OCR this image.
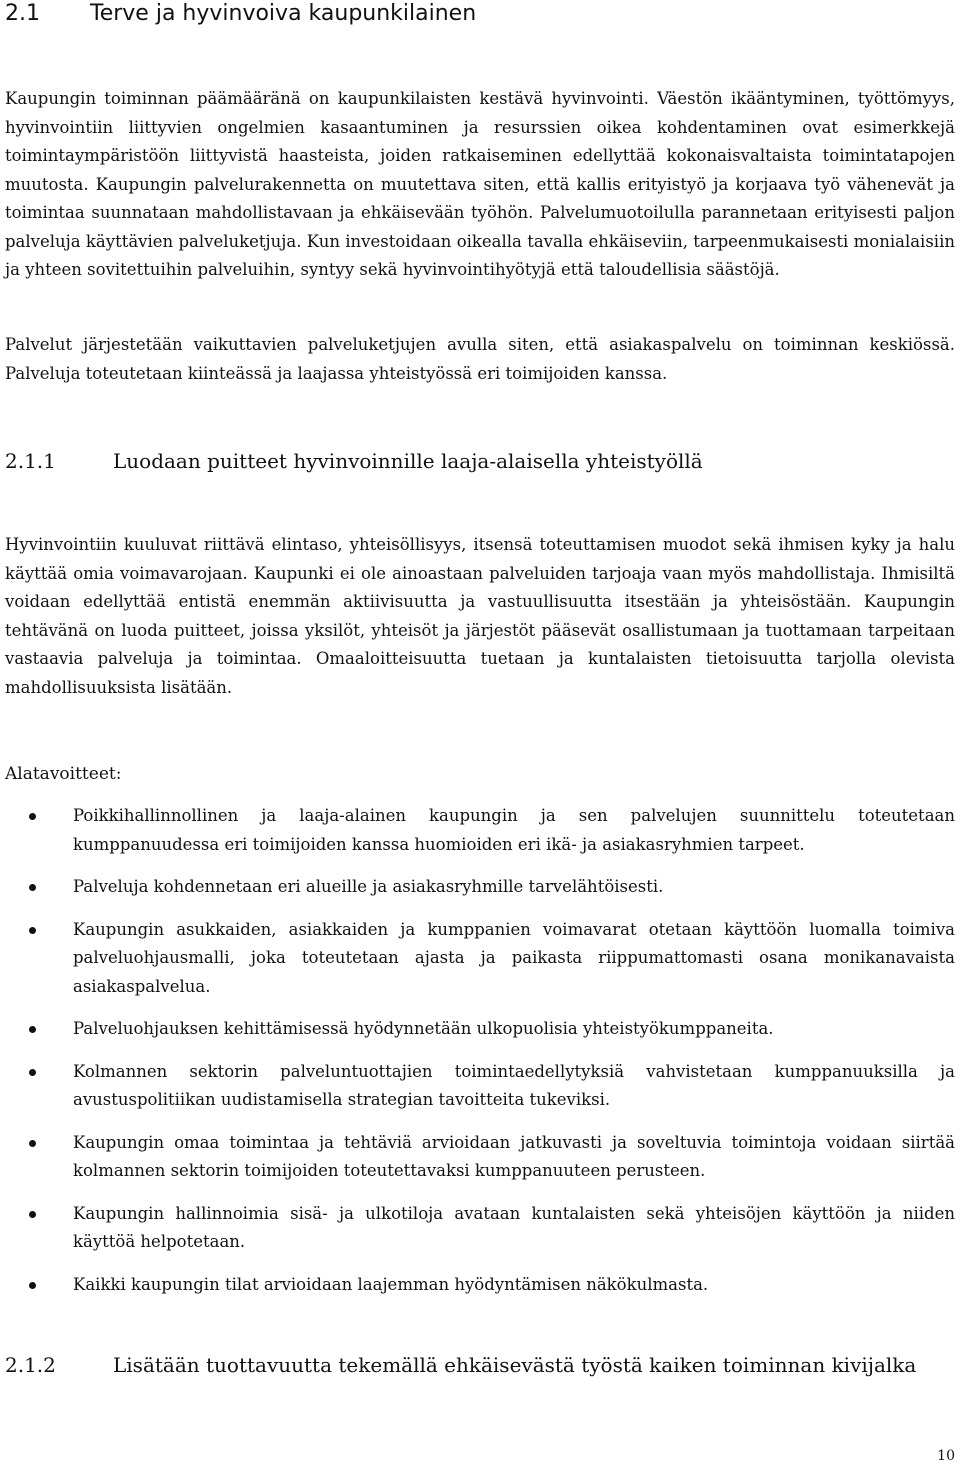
2.1 Terve ja hyvinvoiva kaupunkilainen

Kaupungin toiminnan päämääränä on kaupunkilaisten kestävä hyvinvointi. Väestön ikääntyminen, työttömyys, hyvinvointiin liittyvien ongelmien kasaantuminen ja resurssien oikea kohdentaminen ovat esimerkkejä toimintaympäristöön liittyvistä haasteista, joiden ratkaiseminen edellyttää kokonaisvaltaista toimintatapojen muutosta. Kaupungin palvelurakennetta on muutettava siten, että kallis erityistyö ja korjaava työ vähenevät ja toimintaa suunnataan mahdollistavaan ja ehkäisevään työhön. Palvelumuotoilulla parannetaan erityisesti paljon palveluja käyttävien palveluketjuja. Kun investoidaan oikealla tavalla ehkäiseviin, tarpeenmukaisesti monialaisiin ja yhteen sovitettuihin palveluihin, syntyy sekä hyvinvointihyötyjä että taloudellisia säästöjä.

Palvelut järjestetään vaikuttavien palveluketjujen avulla siten, että asiakaspalvelu on toiminnan keskiössä. Palveluja toteutetaan kiinteässä ja laajassa yhteistyössä eri toimijoiden kanssa.

2.1.1	Luodaan puitteet hyvinvoinnille laaja-alaisella yhteistyöllä

Hyvinvointiin kuuluvat riittävä elintaso, yhteisöllisyys, itsensä toteuttamisen muodot sekä ihmisen kyky ja halu käyttää omia voimavarojaan. Kaupunki ei ole ainoastaan palveluiden tarjoaja vaan myös mahdollistaja. Ihmisiltä voidaan edellyttää entistä enemmän aktiivisuutta ja vastuullisuutta itsestään ja yhteisöstään. Kaupungin tehtävänä on luoda puitteet, joissa yksilöt, yhteisöt ja järjestöt pääsevät osallistumaan ja tuottamaan tarpeitaan vastaavia palveluja ja toimintaa. Omaaloitteisuutta tuetaan ja kuntalaisten tietoisuutta tarjolla olevista mahdollisuuksista lisätään.

Alatavoitteet:
Poikkihallinnollinen ja laaja-alainen kaupungin ja sen palvelujen suunnittelu toteutetaan kumppanuudessa eri toimijoiden kanssa huomioiden eri ikä- ja asiakasryhmien tarpeet.
Palveluja kohdennetaan eri alueille ja asiakasryhmille tarvelähtöisesti.
Kaupungin asukkaiden, asiakkaiden ja kumppanien voimavarat otetaan käyttöön luomalla toimiva palveluohjausmalli, joka toteutetaan ajasta ja paikasta riippumattomasti osana monikanavaista asiakaspalvelua.
Palveluohjauksen kehittämisessä hyödynnetään ulkopuolisia yhteistyökumppaneita.
Kolmannen sektorin palveluntuottajien toimintaedellytyksiä vahvistetaan kumppanuuksilla ja avustuspolitiikan uudistamisella strategian tavoitteita tukeviksi.
Kaupungin omaa toimintaa ja tehtäviä arvioidaan jatkuvasti ja soveltuvia toimintoja voidaan siirtää kolmannen sektorin toimijoiden toteutettavaksi kumppanuuteen perusteen.
Kaupungin hallinnoimia sisä- ja ulkotiloja avataan kuntalaisten sekä yhteisöjen käyttöön ja niiden käyttöä helpotetaan.
Kaikki kaupungin tilat arvioidaan laajemman hyödyntämisen näkökulmasta.
2.1.2	Lisätään tuottavuutta tekemällä ehkäisevästä työstä kaiken toiminnan kivijalka
10
